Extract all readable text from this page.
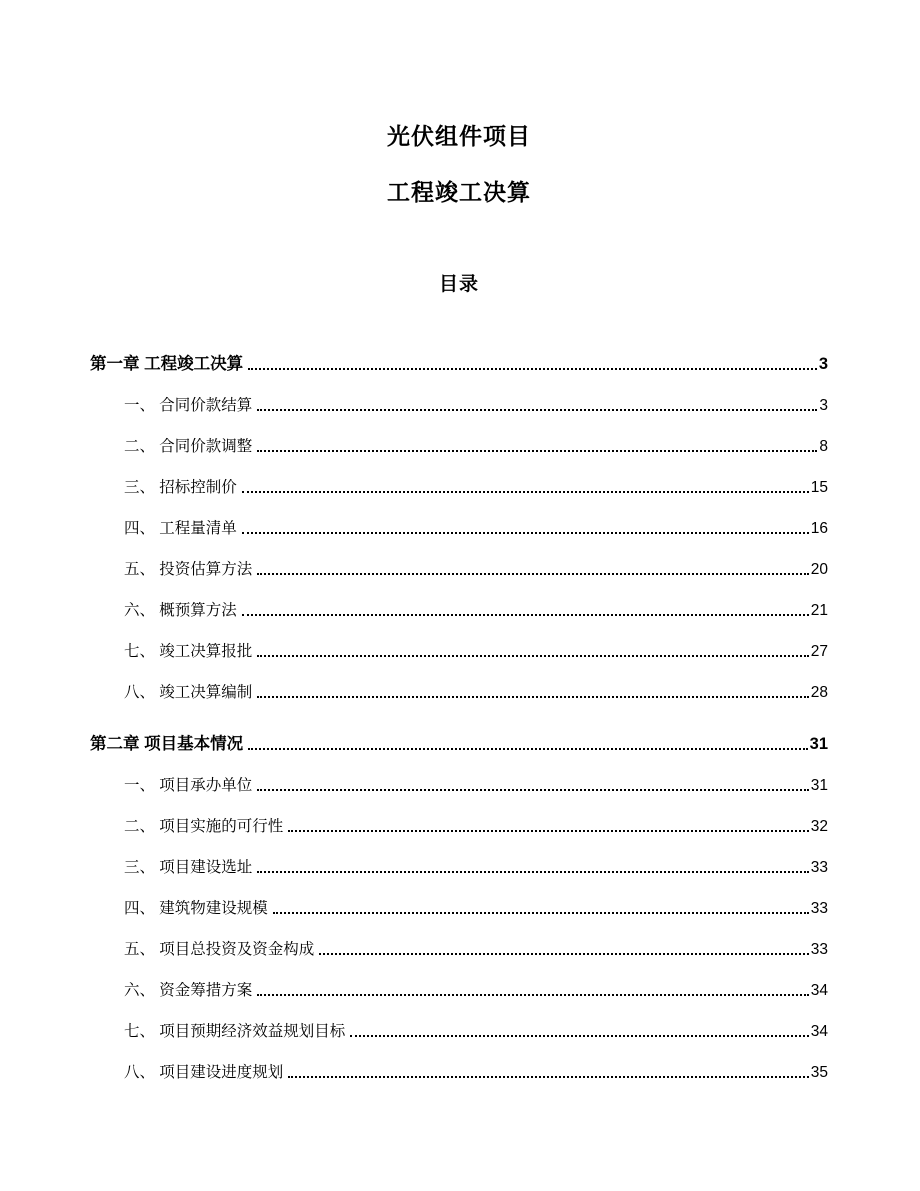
光伏组件项目
工程竣工决算
目录
第一章 工程竣工决算	3
一、 合同价款结算	3
二、 合同价款调整	8
三、 招标控制价	15
四、 工程量清单	16
五、 投资估算方法	20
六、 概预算方法	21
七、 竣工决算报批	27
八、 竣工决算编制	28
第二章 项目基本情况	31
一、 项目承办单位	31
二、 项目实施的可行性	32
三、 项目建设选址	33
四、 建筑物建设规模	33
五、 项目总投资及资金构成	33
六、 资金筹措方案	34
七、 项目预期经济效益规划目标	34
八、 项目建设进度规划	35
